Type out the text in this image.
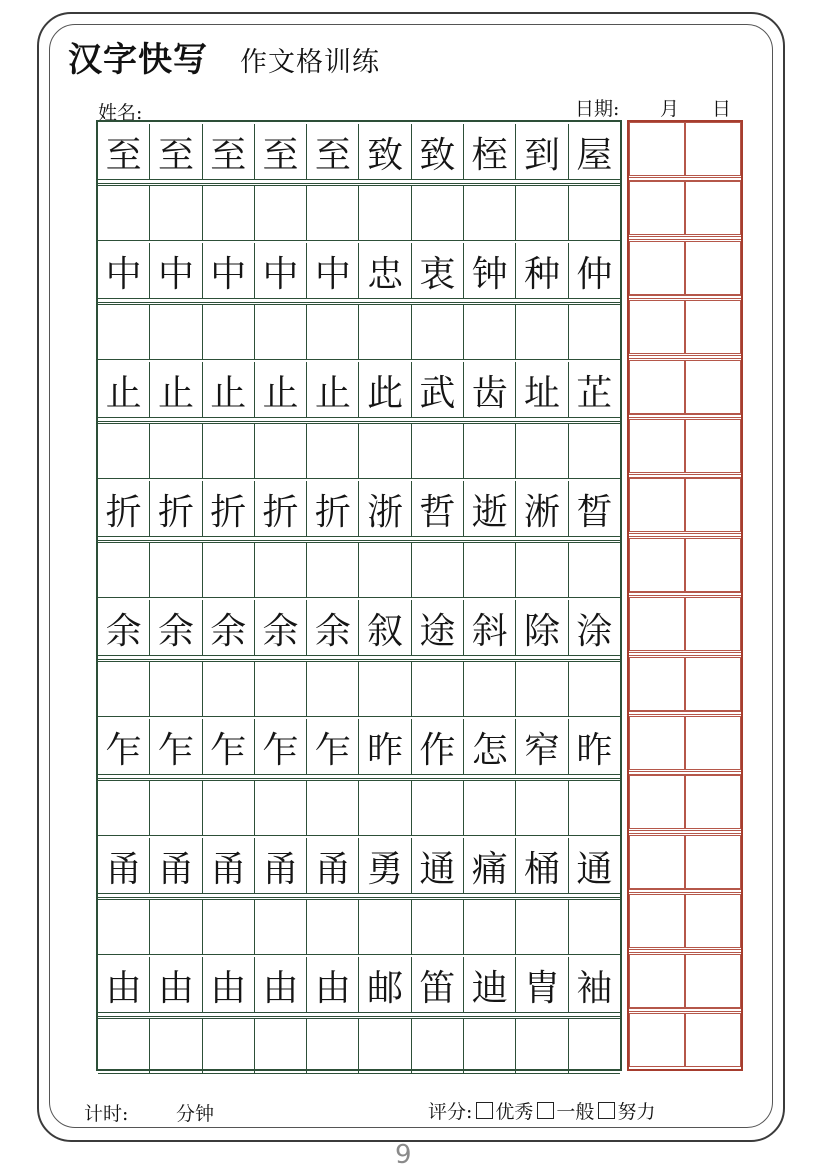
汉字快写 作文格训练
姓名:	日期: 月 日
至 至 至 至 至 致 致 桎 到 屋
中 中 中 中 中 忠 衷 钟 种 仲
止 止 止 止 止 此 武 齿 址 芷
折 折 折 折 折 浙 哲 逝 淅 晳
余 余 余 余 余 叙 途 斜 除 涂
乍 乍 乍 乍 乍 昨 作 怎 窄 昨
甬 甬 甬 甬 甬 勇 通 痛 桶 通
由 由 由 由 由 邮 笛 迪 胄 袖
计时:	分钟	评分: 优秀 一般 努力
9
